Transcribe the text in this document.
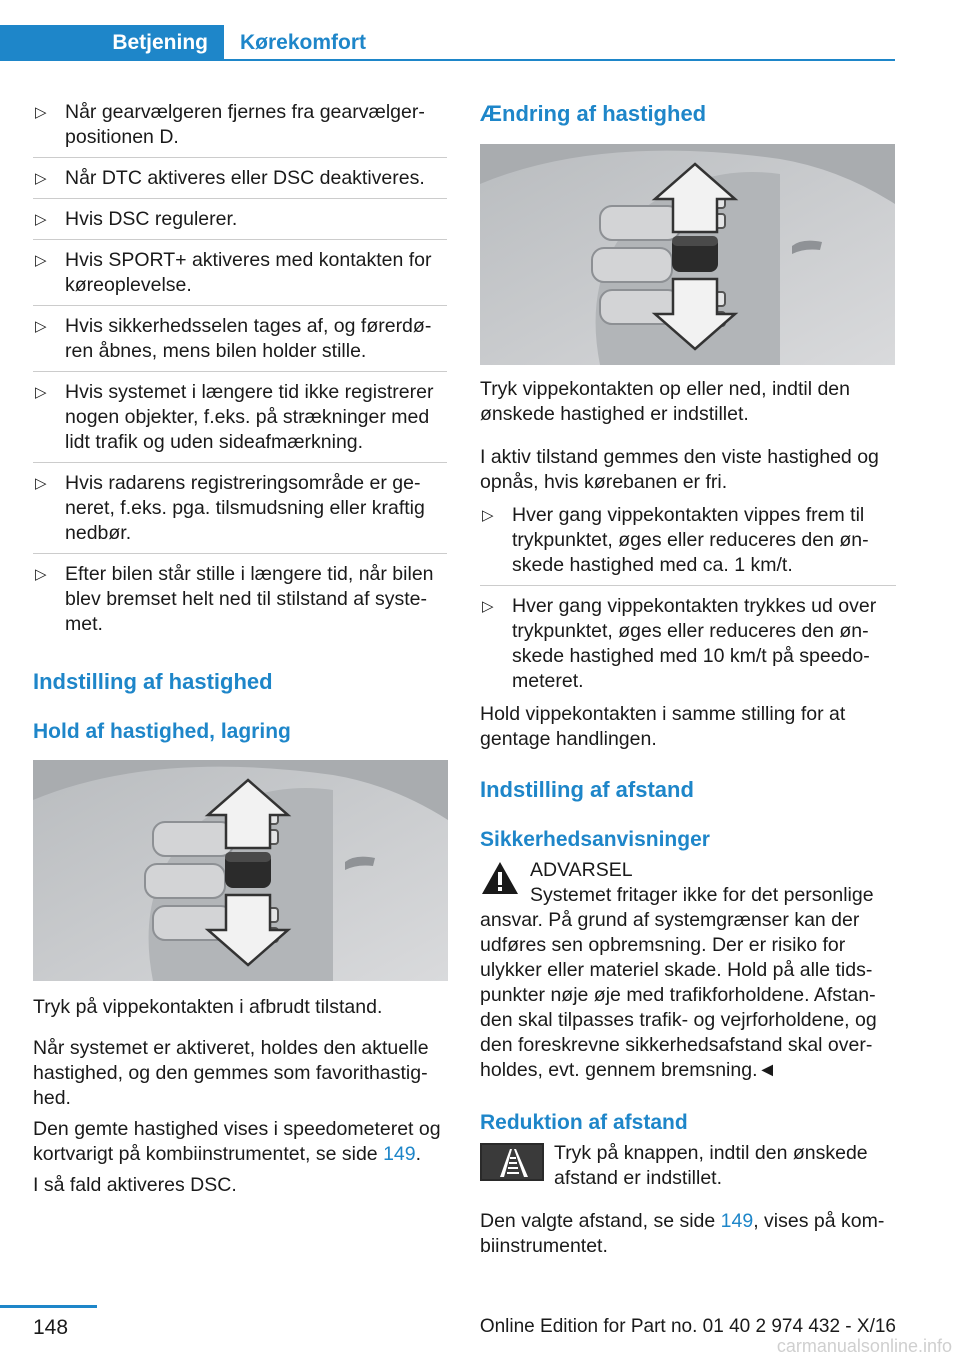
Betjening	Kørekomfort
▷ Når gearvælgeren fjernes fra gearvælgerpositionen D.
▷ Når DTC aktiveres eller DSC deaktiveres.
▷ Hvis DSC regulerer.
▷ Hvis SPORT+ aktiveres med kontakten for køreoplevelse.
▷ Hvis sikkerhedsselen tages af, og førerdøren åbnes, mens bilen holder stille.
▷ Hvis systemet i længere tid ikke registrerer nogen objekter, f.eks. på strækninger med lidt trafik og uden sideafmærkning.
▷ Hvis radarens registreringsområde er generet, f.eks. pga. tilsmudsning eller kraftig nedbør.
▷ Efter bilen står stille i længere tid, når bilen blev bremset helt ned til stilstand af systemet.
Indstilling af hastighed
Hold af hastighed, lagring
Tryk på vippekontakten i afbrudt tilstand.
Når systemet er aktiveret, holdes den aktuelle hastighed, og den gemmes som favorithastighed.
Den gemte hastighed vises i speedometeret og kortvarigt på kombiinstrumentet, se side 149.
I så fald aktiveres DSC.
Ændring af hastighed
Tryk vippekontakten op eller ned, indtil den ønskede hastighed er indstillet.
I aktiv tilstand gemmes den viste hastighed og opnås, hvis kørebanen er fri.
▷ Hver gang vippekontakten vippes frem til trykpunktet, øges eller reduceres den ønskede hastighed med ca. 1 km/t.
▷ Hver gang vippekontakten trykkes ud over trykpunktet, øges eller reduceres den ønskede hastighed med 10 km/t på speedometeret.
Hold vippekontakten i samme stilling for at gentage handlingen.
Indstilling af afstand
Sikkerhedsanvisninger
ADVARSEL
Systemet fritager ikke for det personlige ansvar. På grund af systemgrænser kan der udføres sen opbremsning. Der er risiko for ulykker eller materiel skade. Hold på alle tidspunkter nøje øje med trafikforholdene. Afstanden skal tilpasses trafik- og vejrforholdene, og den foreskrevne sikkerhedsafstand skal overholdes, evt. gennem bremsning.◄
Reduktion af afstand
Tryk på knappen, indtil den ønskede afstand er indstillet.
Den valgte afstand, se side 149, vises på kombiinstrumentet.
148	Online Edition for Part no. 01 40 2 974 432 - X/16
carmanualsonline.info
